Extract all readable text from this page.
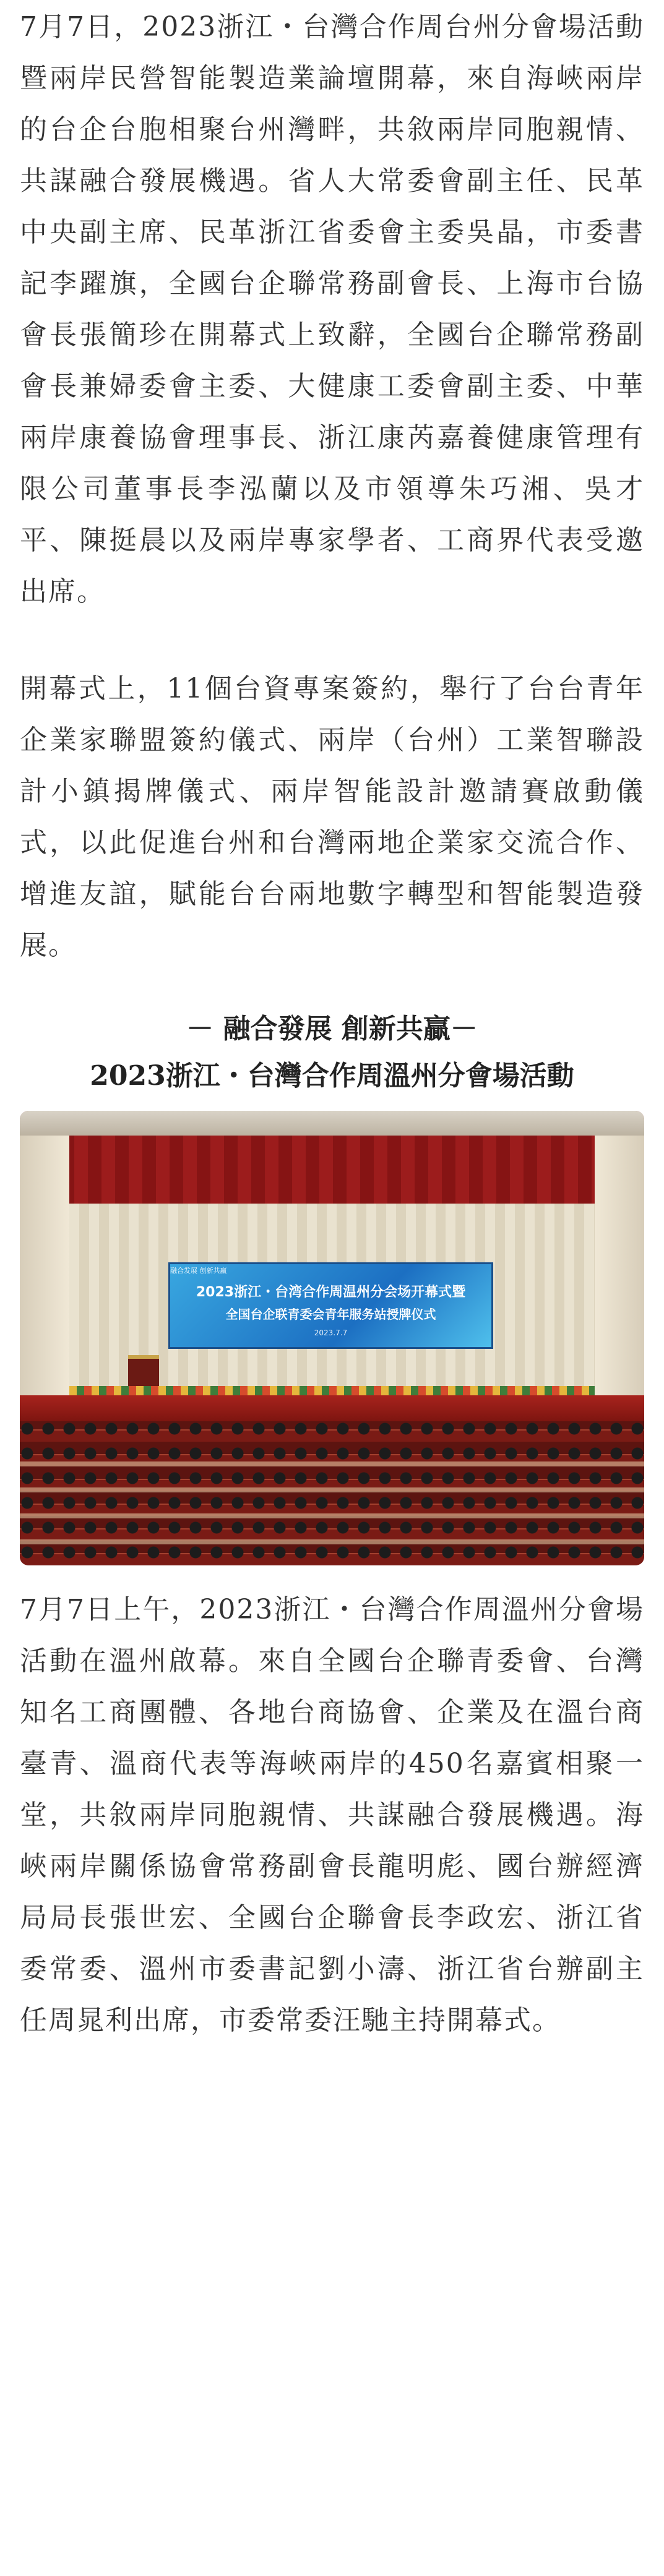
7月7日，2023浙江・台灣合作周台州分會場活動暨兩岸民營智能製造業論壇開幕，來自海峽兩岸的台企台胞相聚台州灣畔，共敘兩岸同胞親情、共謀融合發展機遇。省人大常委會副主任、民革中央副主席、民革浙江省委會主委吳晶，市委書記李躍旗，全國台企聯常務副會長、上海市台協會長張簡珍在開幕式上致辭，全國台企聯常務副會長兼婦委會主委、大健康工委會副主委、中華兩岸康養協會理事長、浙江康芮嘉養健康管理有限公司董事長李泓蘭以及市領導朱巧湘、吳才平、陳挺晨以及兩岸專家學者、工商界代表受邀出席。

開幕式上，11個台資專案簽約，舉行了台台青年企業家聯盟簽約儀式、兩岸（台州）工業智聯設計小鎮揭牌儀式、兩岸智能設計邀請賽啟動儀式，以此促進台州和台灣兩地企業家交流合作、增進友誼，賦能台台兩地數字轉型和智能製造發展。

－ 融合發展 創新共贏－

2023浙江・台灣合作周溫州分會場活動

2023浙江・台湾合作周温州分会场开幕式暨
全国台企联青委会青年服务站授牌仪式
2023.7.7
融合发展 创新共赢

7月7日上午，2023浙江・台灣合作周溫州分會場活動在溫州啟幕。來自全國台企聯青委會、台灣知名工商團體、各地台商協會、企業及在溫台商臺青、溫商代表等海峽兩岸的450名嘉賓相聚一堂，共敘兩岸同胞親情、共謀融合發展機遇。海峽兩岸關係協會常務副會長龍明彪、國台辦經濟局局長張世宏、全國台企聯會長李政宏、浙江省委常委、溫州市委書記劉小濤、浙江省台辦副主任周晁利出席，市委常委汪馳主持開幕式。
